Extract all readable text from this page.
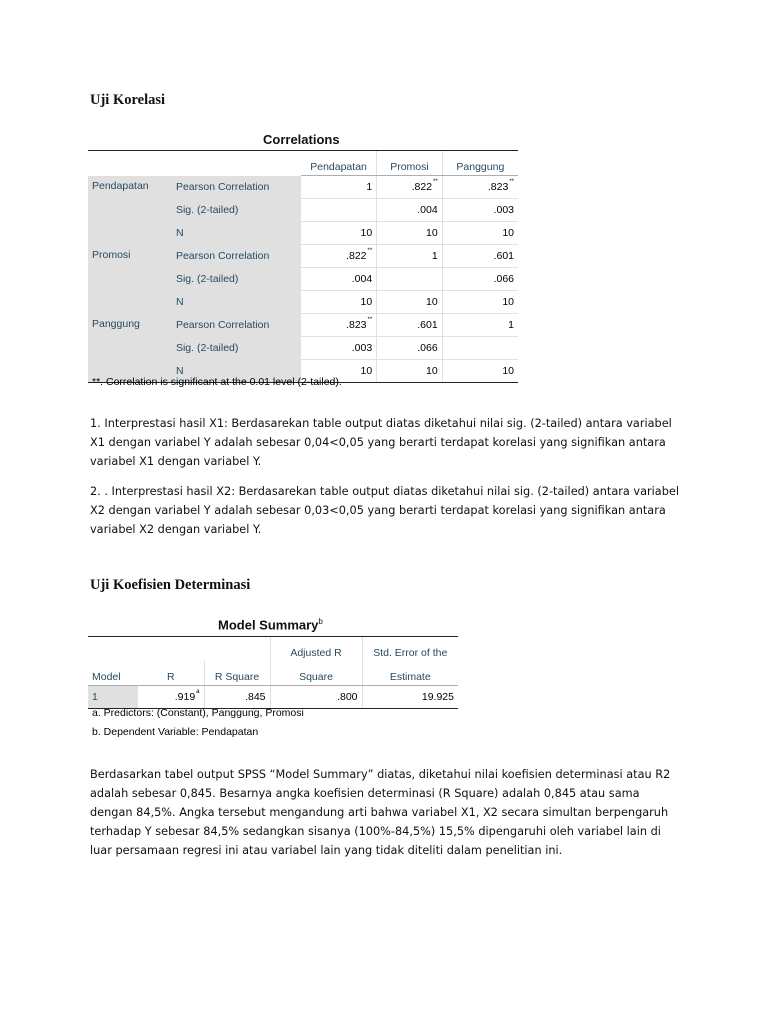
Uji Korelasi
Correlations
		Pendapatan	Promosi	Panggung
Pendapatan	Pearson Correlation	1	.822**	.823**
	Sig. (2-tailed)		.004	.003
	N	10	10	10
Promosi	Pearson Correlation	.822**	1	.601
	Sig. (2-tailed)	.004		.066
	N	10	10	10
Panggung	Pearson Correlation	.823**	.601	1
	Sig. (2-tailed)	.003	.066	
	N	10	10	10

**. Correlation is significant at the 0.01 level (2-tailed).

1. Interprestasi hasil X1: Berdasarekan table output diatas diketahui nilai sig. (2-tailed) antara variabel X1 dengan variabel Y adalah sebesar 0,04<0,05 yang berarti terdapat korelasi yang signifikan antara variabel X1 dengan variabel Y.

2. . Interprestasi hasil X2: Berdasarekan table output diatas diketahui nilai sig. (2-tailed) antara variabel X2 dengan variabel Y adalah sebesar 0,03<0,05 yang berarti terdapat korelasi yang signifikan antara variabel X2 dengan variabel Y.

Uji Koefisien Determinasi
Model Summary$^b$
			Adjusted R	Std. Error of the
Model	R	R Square	Square	Estimate
1	.919$^a$	.845	.800	19.925

a. Predictors: (Constant), Panggung, Promosi

b. Dependent Variable: Pendapatan

Berdasarkan tabel output SPSS “Model Summary” diatas, diketahui nilai koefisien determinasi atau R2 adalah sebesar 0,845. Besarnya angka koefisien determinasi (R Square) adalah 0,845 atau sama dengan 84,5%. Angka tersebut mengandung arti bahwa variabel X1, X2 secara simultan berpengaruh terhadap Y sebesar 84,5% sedangkan sisanya (100%-84,5%) 15,5% dipengaruhi oleh variabel lain di luar persamaan regresi ini atau variabel lain yang tidak diteliti dalam penelitian ini.
